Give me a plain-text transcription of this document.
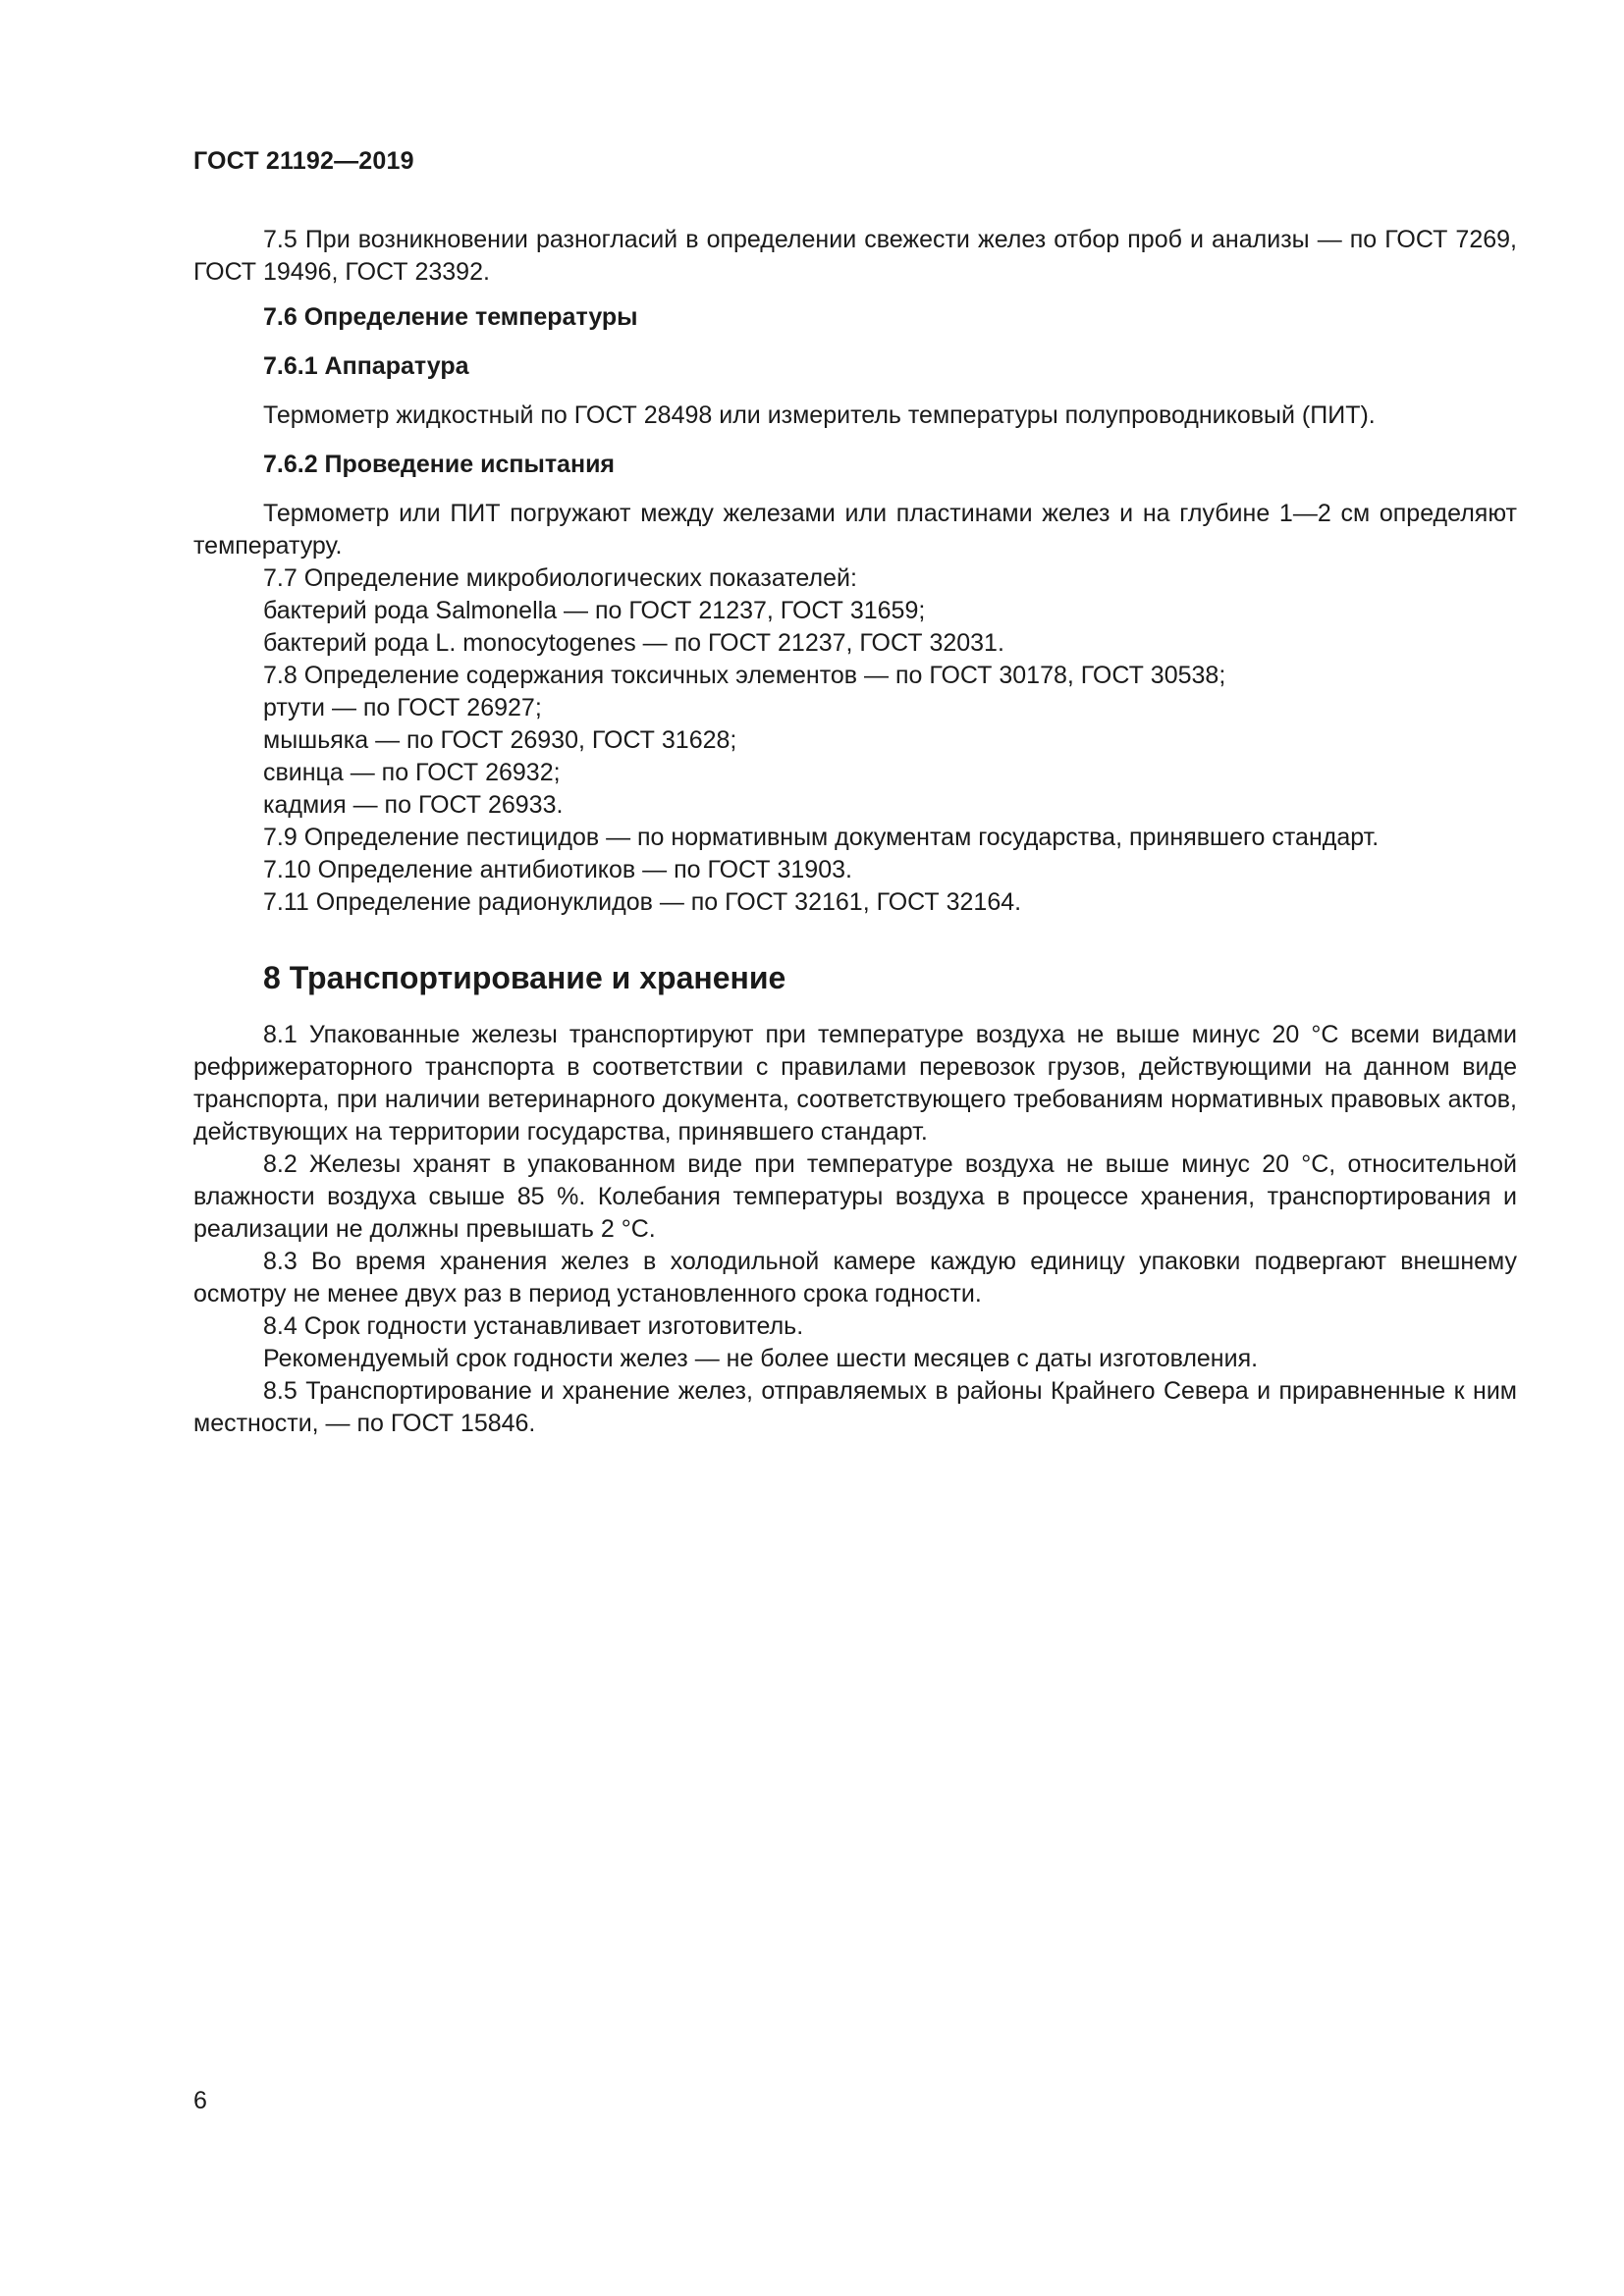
ГОСТ 21192—2019

7.5 При возникновении разногласий в определении свежести желез отбор проб и анализы — по ГОСТ 7269, ГОСТ 19496, ГОСТ 23392.

7.6 Определение температуры
7.6.1 Аппаратура

Термометр жидкостный по ГОСТ 28498 или измеритель температуры полупроводниковый (ПИТ).

7.6.2 Проведение испытания

Термометр или ПИТ погружают между железами или пластинами желез и на глубине 1—2 см определяют температуру.

7.7 Определение микробиологических показателей:

бактерий рода Salmonella — по ГОСТ 21237, ГОСТ 31659;

бактерий рода L. monocytogenes — по ГОСТ 21237, ГОСТ 32031.

7.8 Определение содержания токсичных элементов — по ГОСТ 30178, ГОСТ 30538;

ртути — по ГОСТ 26927;

мышьяка — по ГОСТ 26930, ГОСТ 31628;

свинца — по ГОСТ 26932;

кадмия — по ГОСТ 26933.

7.9 Определение пестицидов — по нормативным документам государства, принявшего стандарт.

7.10 Определение антибиотиков — по ГОСТ 31903.

7.11 Определение радионуклидов — по ГОСТ 32161, ГОСТ 32164.

8 Транспортирование и хранение

8.1 Упакованные железы транспортируют при температуре воздуха не выше минус 20 °С всеми видами рефрижераторного транспорта в соответствии с правилами перевозок грузов, действующими на данном виде транспорта, при наличии ветеринарного документа, соответствующего требованиям нормативных правовых актов, действующих на территории государства, принявшего стандарт.

8.2 Железы хранят в упакованном виде при температуре воздуха не выше минус 20 °С, относительной влажности воздуха свыше 85 %. Колебания температуры воздуха в процессе хранения, транспортирования и реализации не должны превышать 2 °С.

8.3 Во время хранения желез в холодильной камере каждую единицу упаковки подвергают внешнему осмотру не менее двух раз в период установленного срока годности.

8.4 Срок годности устанавливает изготовитель.

Рекомендуемый срок годности желез — не более шести месяцев с даты изготовления.

8.5 Транспортирование и хранение желез, отправляемых в районы Крайнего Севера и приравненные к ним местности, — по ГОСТ 15846.

6
